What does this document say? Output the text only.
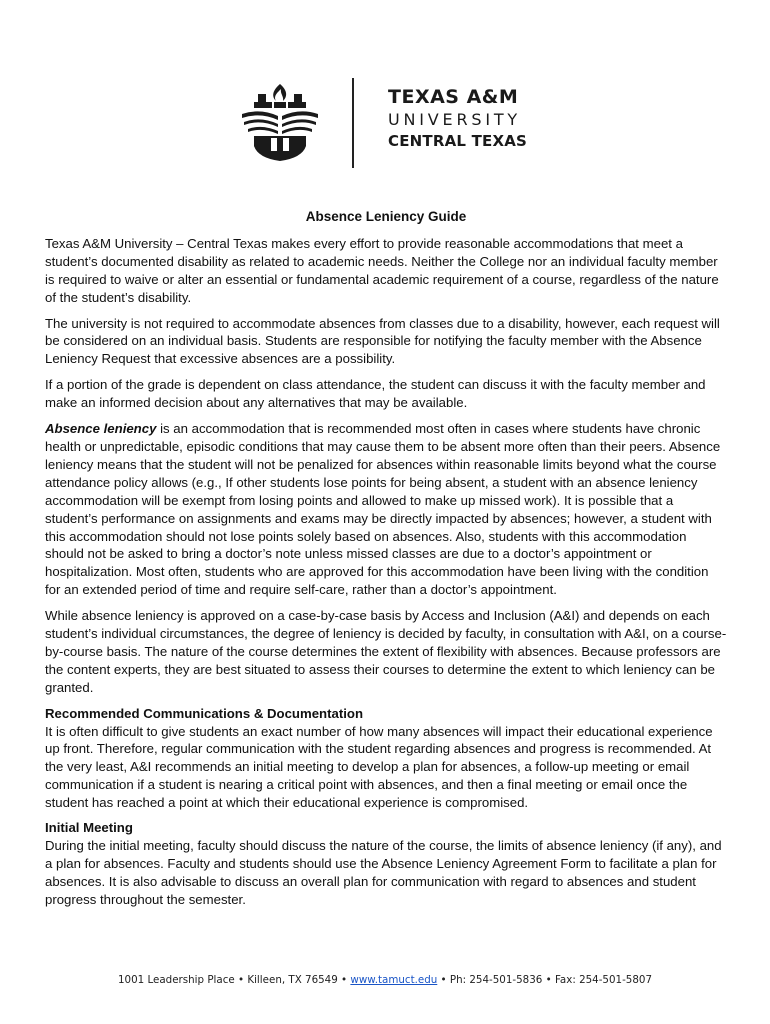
TEXAS A&M
UNIVERSITY
CENTRAL TEXAS
Absence Leniency Guide

Texas A&M University – Central Texas makes every effort to provide reasonable accommodations that meet a student’s documented disability as related to academic needs. Neither the College nor an individual faculty member is required to waive or alter an essential or fundamental academic requirement of a course, regardless of the nature of the student’s disability.

The university is not required to accommodate absences from classes due to a disability, however, each request will be considered on an individual basis. Students are responsible for notifying the faculty member with the Absence Leniency Request that excessive absences are a possibility.

If a portion of the grade is dependent on class attendance, the student can discuss it with the faculty member and make an informed decision about any alternatives that may be available.

Absence leniency is an accommodation that is recommended most often in cases where students have chronic health or unpredictable, episodic conditions that may cause them to be absent more often than their peers. Absence leniency means that the student will not be penalized for absences within reasonable limits beyond what the course attendance policy allows (e.g., If other students lose points for being absent, a student with an absence leniency accommodation will be exempt from losing points and allowed to make up missed work). It is possible that a student’s performance on assignments and exams may be directly impacted by absences; however, a student with this accommodation should not lose points solely based on absences. Also, students with this accommodation should not be asked to bring a doctor’s note unless missed classes are due to a doctor’s appointment or hospitalization. Most often, students who are approved for this accommodation have been living with the condition for an extended period of time and require self-care, rather than a doctor’s appointment.

While absence leniency is approved on a case-by-case basis by Access and Inclusion (A&I) and depends on each student’s individual circumstances, the degree of leniency is decided by faculty, in consultation with A&I, on a course-by-course basis. The nature of the course determines the extent of flexibility with absences. Because professors are the content experts, they are best situated to assess their courses to determine the extent to which leniency can be granted.

Recommended Communications & Documentation

It is often difficult to give students an exact number of how many absences will impact their educational experience up front. Therefore, regular communication with the student regarding absences and progress is recommended. At the very least, A&I recommends an initial meeting to develop a plan for absences, a follow-up meeting or email communication if a student is nearing a critical point with absences, and then a final meeting or email once the student has reached a point at which their educational experience is compromised.

Initial Meeting

During the initial meeting, faculty should discuss the nature of the course, the limits of absence leniency (if any), and a plan for absences. Faculty and students should use the Absence Leniency Agreement Form to facilitate a plan for absences. It is also advisable to discuss an overall plan for communication with regard to absences and student progress throughout the semester.

1001 Leadership Place • Killeen, TX 76549 • www.tamuct.edu • Ph: 254-501-5836 • Fax: 254-501-5807
